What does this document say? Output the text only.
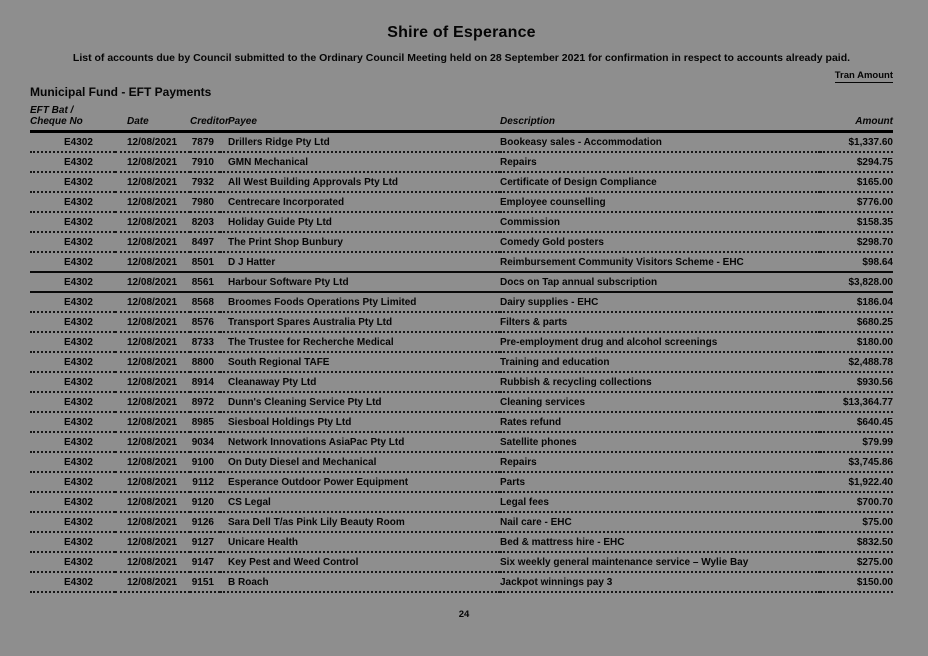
Shire of Esperance

List of accounts due by Council submitted to the Ordinary Council Meeting held on 28 September 2021 for confirmation in respect to accounts already paid.

Tran Amount

Municipal Fund - EFT Payments
EFT Bat /
Cheque No	Date	Creditor	Payee	Description	Amount
E4302	12/08/2021	7879	Drillers Ridge Pty Ltd	Bookeasy sales - Accommodation	$1,337.60
E4302	12/08/2021	7910	GMN Mechanical	Repairs	$294.75
E4302	12/08/2021	7932	All West Building Approvals Pty Ltd	Certificate of Design Compliance	$165.00
E4302	12/08/2021	7980	Centrecare Incorporated	Employee counselling	$776.00
E4302	12/08/2021	8203	Holiday Guide Pty Ltd	Commission	$158.35
E4302	12/08/2021	8497	The Print Shop Bunbury	Comedy Gold posters	$298.70
E4302	12/08/2021	8501	D J Hatter	Reimbursement Community Visitors Scheme - EHC	$98.64
E4302	12/08/2021	8561	Harbour Software Pty Ltd	Docs on Tap annual subscription	$3,828.00
E4302	12/08/2021	8568	Broomes Foods Operations Pty Limited	Dairy supplies - EHC	$186.04
E4302	12/08/2021	8576	Transport Spares Australia Pty Ltd	Filters & parts	$680.25
E4302	12/08/2021	8733	The Trustee for Recherche Medical	Pre-employment drug and alcohol screenings	$180.00
E4302	12/08/2021	8800	South Regional TAFE	Training and education	$2,488.78
E4302	12/08/2021	8914	Cleanaway Pty Ltd	Rubbish & recycling collections	$930.56
E4302	12/08/2021	8972	Dunn's Cleaning Service Pty Ltd	Cleaning services	$13,364.77
E4302	12/08/2021	8985	Siesboal Holdings Pty Ltd	Rates refund	$640.45
E4302	12/08/2021	9034	Network Innovations AsiaPac Pty Ltd	Satellite phones	$79.99
E4302	12/08/2021	9100	On Duty Diesel and Mechanical	Repairs	$3,745.86
E4302	12/08/2021	9112	Esperance Outdoor Power Equipment	Parts	$1,922.40
E4302	12/08/2021	9120	CS Legal	Legal fees	$700.70
E4302	12/08/2021	9126	Sara Dell T/as Pink Lily Beauty Room	Nail care - EHC	$75.00
E4302	12/08/2021	9127	Unicare Health	Bed & mattress hire - EHC	$832.50
E4302	12/08/2021	9147	Key Pest and Weed Control	Six weekly general maintenance service – Wylie Bay	$275.00
E4302	12/08/2021	9151	B Roach	Jackpot winnings pay 3	$150.00
24
